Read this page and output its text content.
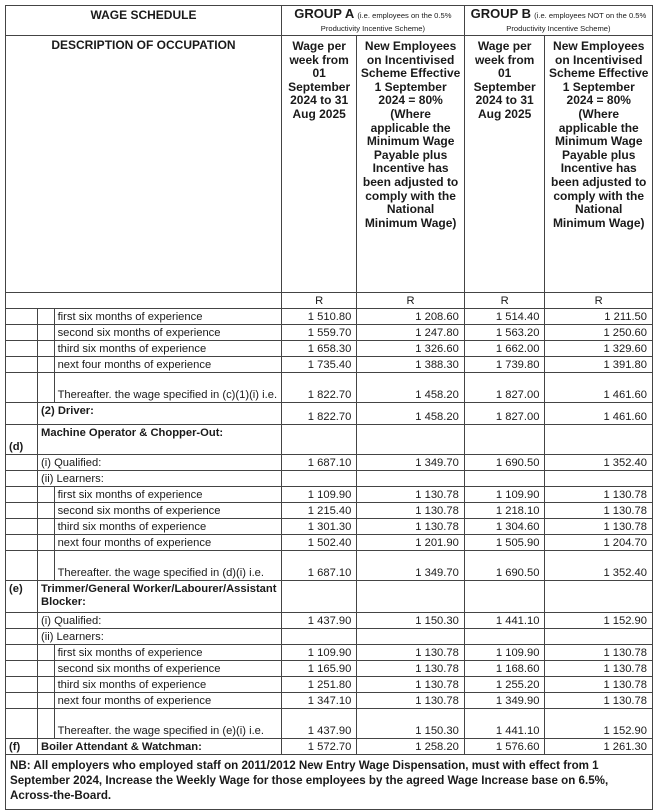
WAGE SCHEDULE			GROUP A (i.e. employees on the 0.5% Productivity Incentive Scheme)		GROUP B (i.e. employees NOT on the 0.5% Productivity Incentive Scheme)	
DESCRIPTION OF OCCUPATION			Wage per week from 01 September 2024 to 31 Aug 2025	New Employees on Incentivised Scheme Effective 1 September 2024 = 80% (Where applicable the Minimum Wage Payable plus Incentive has been adjusted to comply with the National Minimum Wage)	Wage per week from 01 September 2024 to 31 Aug 2025	New Employees on Incentivised Scheme Effective 1 September 2024 = 80% (Where applicable the Minimum Wage Payable plus Incentive has been adjusted to comply with the National Minimum Wage)
			R	R	R	R
		first six months of experience	1 510.80	1 208.60	1 514.40	1 211.50
		second six months of experience	1 559.70	1 247.80	1 563.20	1 250.60
		third six months of experience	1 658.30	1 326.60	1 662.00	1 329.60
		next four months of experience	1 735.40	1 388.30	1 739.80	1 391.80
		Thereafter. the wage specified in (c)(1)(i) i.e.	1 822.70	1 458.20	1 827.00	1 461.60
	(2) Driver:		1 822.70	1 458.20	1 827.00	1 461.60
(d)	Machine Operator & Chopper-Out:					
	(i) Qualified:		1 687.10	1 349.70	1 690.50	1 352.40
	(ii) Learners:					
		first six months of experience	1 109.90	1 130.78	1 109.90	1 130.78
		second six months of experience	1 215.40	1 130.78	1 218.10	1 130.78
		third six months of experience	1 301.30	1 130.78	1 304.60	1 130.78
		next four months of experience	1 502.40	1 201.90	1 505.90	1 204.70
		Thereafter. the wage specified in (d)(i) i.e.	1 687.10	1 349.70	1 690.50	1 352.40
(e)	Trimmer/General Worker/Labourer/Assistant Blocker:					
	(i) Qualified:		1 437.90	1 150.30	1 441.10	1 152.90
	(ii) Learners:					
		first six months of experience	1 109.90	1 130.78	1 109.90	1 130.78
		second six months of experience	1 165.90	1 130.78	1 168.60	1 130.78
		third six months of experience	1 251.80	1 130.78	1 255.20	1 130.78
		next four months of experience	1 347.10	1 130.78	1 349.90	1 130.78
		Thereafter. the wage specified in (e)(i) i.e.	1 437.90	1 150.30	1 441.10	1 152.90
(f)	Boiler Attendant & Watchman:		1 572.70	1 258.20	1 576.60	1 261.30
NB: All employers who employed staff on 2011/2012 New Entry Wage Dispensation, must with effect from 1 September 2024, Increase the Weekly Wage for those employees by the agreed Wage Increase base on 6.5%, Across-the-Board.						
